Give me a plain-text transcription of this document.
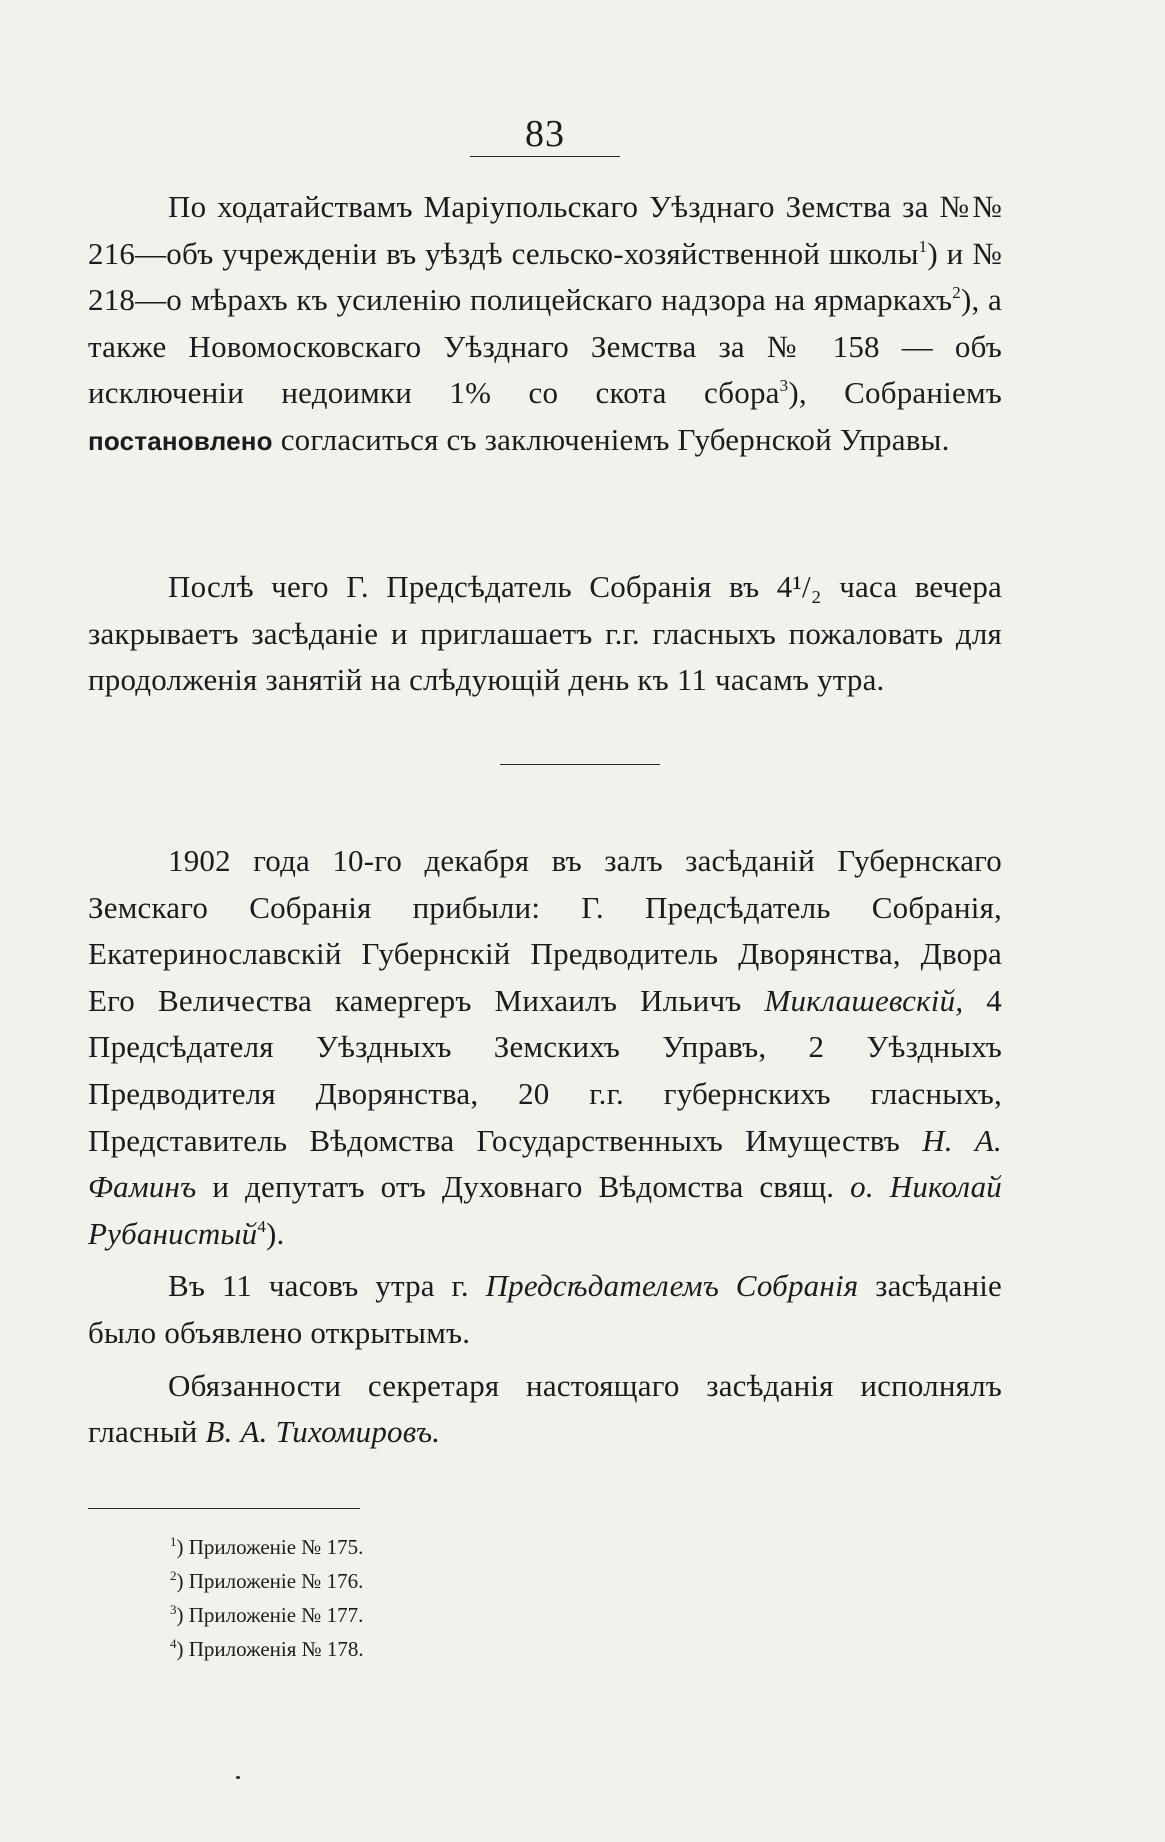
83

По ходатайствамъ Маріупольскаго Уѣзднаго Земства за №№ 216—объ учрежденіи въ уѣздѣ сельско-хозяйственной школы$^1$) и № 218—о мѣрахъ къ усиленію полицейскаго надзора на ярмаркахъ$^2$), а также Новомосковскаго Уѣзднаго Земства за № 158 — объ исключеніи недоимки 1% со скота сбора$^3$), Собраніемъ постановлено согласиться съ заключеніемъ Губернской Управы.

Послѣ чего Г. Предсѣдатель Собранія въ 4¹/₂ часа вечера закрываетъ засѣданіе и приглашаетъ г.г. гласныхъ пожаловать для продолженія занятій на слѣдующій день къ 11 часамъ утра.

1902 года 10-го декабря въ залъ засѣданій Губернскаго Земскаго Собранія прибыли: Г. Предсѣдатель Собранія, Екатеринославскій Губернскій Предводитель Дворянства, Двора Его Величества камергеръ Михаилъ Ильичъ Миклашевскій, 4 Предсѣдателя Уѣздныхъ Земскихъ Управъ, 2 Уѣздныхъ Предводителя Дворянства, 20 г.г. губернскихъ гласныхъ, Представитель Вѣдомства Государственныхъ Имуществъ Н. А. Фаминъ и депутатъ отъ Духовнаго Вѣдомства свящ. о. Николай Рубанистый$^4$).

Въ 11 часовъ утра г. Предсѣдателемъ Собранія засѣданіе было объявлено открытымъ.

Обязанности секретаря настоящаго засѣданія исполнялъ гласный В. А. Тихомировъ.

$^1$) Приложеніе № 175.
$^2$) Приложеніе № 176.
$^3$) Приложеніе № 177.
$^4$) Приложенія № 178.
